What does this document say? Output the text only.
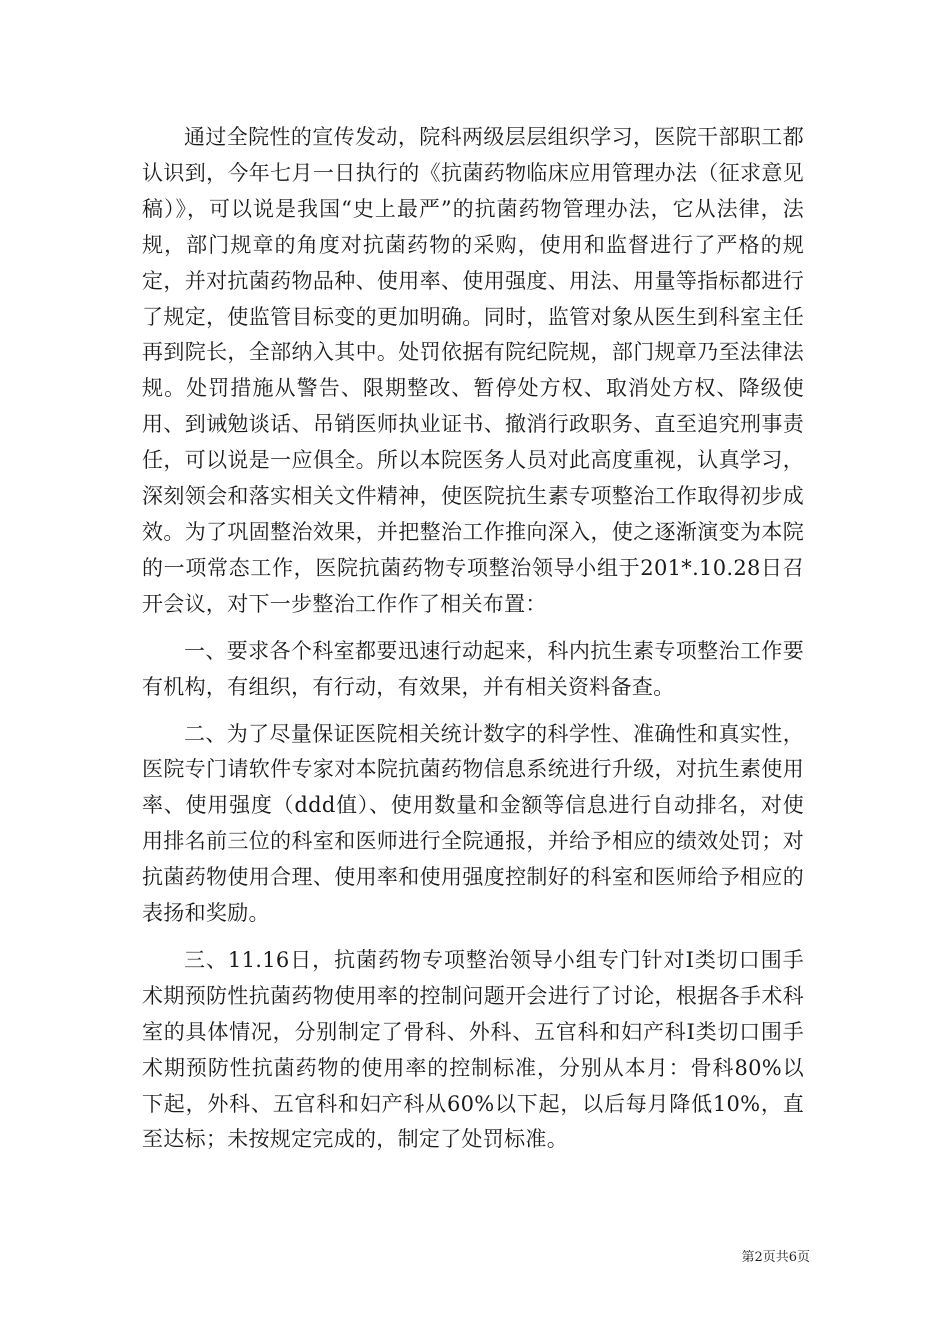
通过全院性的宣传发动，院科两级层层组织学习，医院干部职工都认识到，今年七月一日执行的《抗菌药物临床应用管理办法（征求意见稿）》，可以说是我国“史上最严”的抗菌药物管理办法，它从法律，法规，部门规章的角度对抗菌药物的采购，使用和监督进行了严格的规定，并对抗菌药物品种、使用率、使用强度、用法、用量等指标都进行了规定，使监管目标变的更加明确。同时，监管对象从医生到科室主任再到院长，全部纳入其中。处罚依据有院纪院规，部门规章乃至法律法规。处罚措施从警告、限期整改、暂停处方权、取消处方权、降级使用、到诫勉谈话、吊销医师执业证书、撤消行政职务、直至追究刑事责任，可以说是一应俱全。所以本院医务人员对此高度重视，认真学习，深刻领会和落实相关文件精神，使医院抗生素专项整治工作取得初步成效。为了巩固整治效果，并把整治工作推向深入，使之逐渐演变为本院的一项常态工作，医院抗菌药物专项整治领导小组于201*.10.28日召开会议，对下一步整治工作作了相关布置：

一、要求各个科室都要迅速行动起来，科内抗生素专项整治工作要有机构，有组织，有行动，有效果，并有相关资料备查。

二、为了尽量保证医院相关统计数字的科学性、准确性和真实性，医院专门请软件专家对本院抗菌药物信息系统进行升级，对抗生素使用率、使用强度（ddd值）、使用数量和金额等信息进行自动排名，对使用排名前三位的科室和医师进行全院通报，并给予相应的绩效处罚；对抗菌药物使用合理、使用率和使用强度控制好的科室和医师给予相应的表扬和奖励。

三、11.16日，抗菌药物专项整治领导小组专门针对Ⅰ类切口围手术期预防性抗菌药物使用率的控制问题开会进行了讨论，根据各手术科室的具体情况，分别制定了骨科、外科、五官科和妇产科Ⅰ类切口围手术期预防性抗菌药物的使用率的控制标准，分别从本月：骨科80%以下起，外科、五官科和妇产科从60%以下起，以后每月降低10%，直至达标；未按规定完成的，制定了处罚标准。

第2页共6页
